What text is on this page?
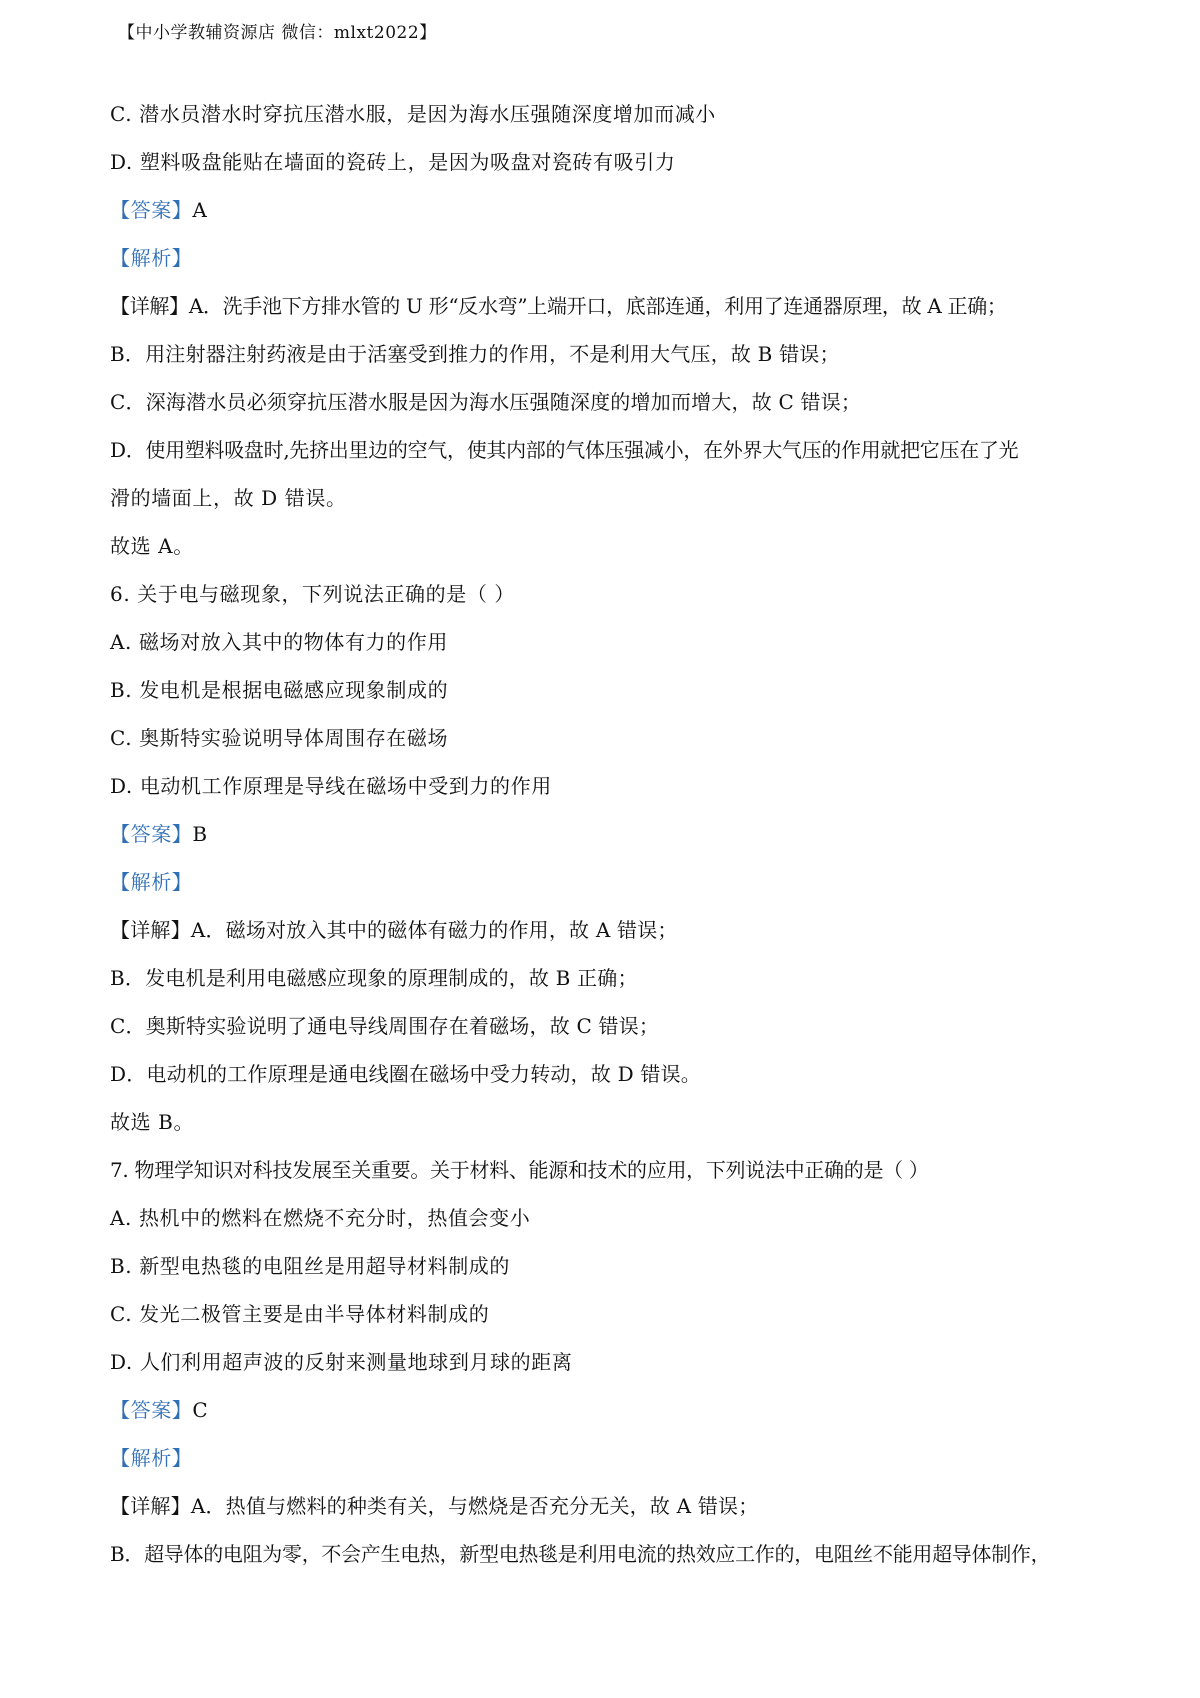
【中小学教辅资源店 微信：mlxt2022】
C. 潜水员潜水时穿抗压潜水服，是因为海水压强随深度增加而减小
D. 塑料吸盘能贴在墙面的瓷砖上，是因为吸盘对瓷砖有吸引力
【答案】A
【解析】
【详解】A．洗手池下方排水管的 U 形“反水弯”上端开口，底部连通，利用了连通器原理，故 A 正确；
B．用注射器注射药液是由于活塞受到推力的作用，不是利用大气压，故 B 错误；
C．深海潜水员必须穿抗压潜水服是因为海水压强随深度的增加而增大，故 C 错误；
D．使用塑料吸盘时,先挤出里边的空气，使其内部的气体压强减小，在外界大气压的作用就把它压在了光
滑的墙面上，故 D 错误。
故选 A。
6. 关于电与磁现象，下列说法正确的是（ ）
A. 磁场对放入其中的物体有力的作用
B. 发电机是根据电磁感应现象制成的
C. 奥斯特实验说明导体周围存在磁场
D. 电动机工作原理是导线在磁场中受到力的作用
【答案】B
【解析】
【详解】A．磁场对放入其中的磁体有磁力的作用，故 A 错误；
B．发电机是利用电磁感应现象的原理制成的，故 B 正确；
C．奥斯特实验说明了通电导线周围存在着磁场，故 C 错误；
D．电动机的工作原理是通电线圈在磁场中受力转动，故 D 错误。
故选 B。
7. 物理学知识对科技发展至关重要。关于材料、能源和技术的应用，下列说法中正确的是（ ）
A. 热机中的燃料在燃烧不充分时，热值会变小
B. 新型电热毯的电阻丝是用超导材料制成的
C. 发光二极管主要是由半导体材料制成的
D. 人们利用超声波的反射来测量地球到月球的距离
【答案】C
【解析】
【详解】A．热值与燃料的种类有关，与燃烧是否充分无关，故 A 错误；
B．超导体的电阻为零，不会产生电热，新型电热毯是利用电流的热效应工作的，电阻丝不能用超导体制作，
